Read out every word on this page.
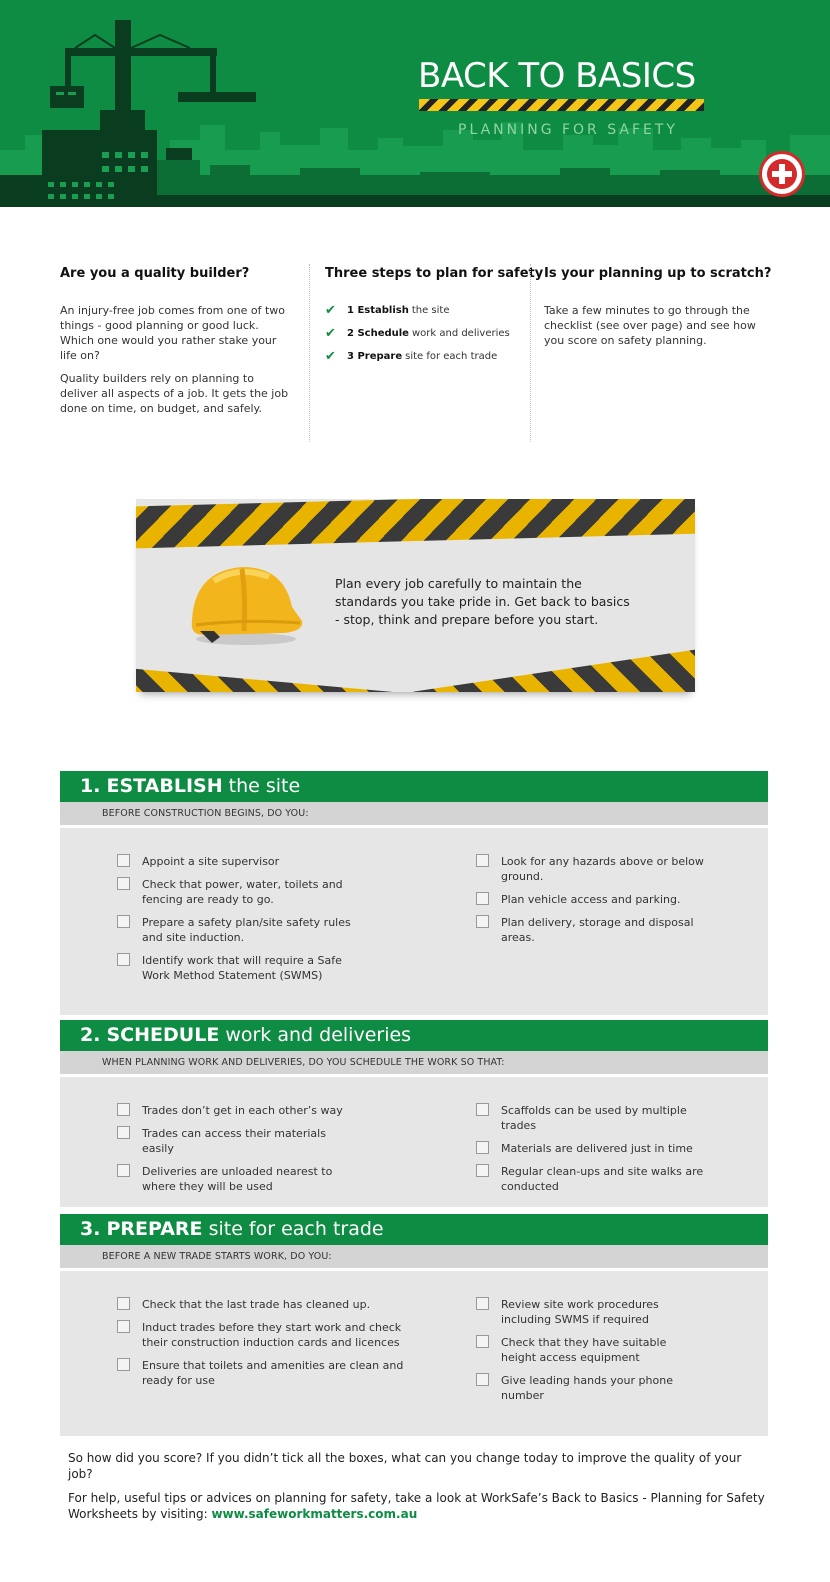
BACK TO BASICS
PLANNING FOR SAFETY
Are you a quality builder?

An injury-free job comes from one of two things - good planning or good luck. Which one would you rather stake your life on?

Quality builders rely on planning to deliver all aspects of a job. It gets the job done on time, on budget, and safely.

Three steps to plan for safety
✔	1 Establish the site
✔	2 Schedule work and deliveries
✔	3 Prepare site for each trade
Is your planning up to scratch?

Take a few minutes to go through the checklist (see over page) and see how you score on safety planning.

Plan every job carefully to maintain the standards you take pride in. Get back to basics - stop, think and prepare before you start.
1. ESTABLISH the site
BEFORE CONSTRUCTION BEGINS, DO YOU:
Appoint a site supervisor
Check that power, water, toilets and fencing are ready to go.
Prepare a safety plan/site safety rules and site induction.
Identify work that will require a Safe Work Method Statement (SWMS)
Look for any hazards above or below ground.
Plan vehicle access and parking.
Plan delivery, storage and disposal areas.
2. SCHEDULE work and deliveries
WHEN PLANNING WORK AND DELIVERIES, DO YOU SCHEDULE THE WORK SO THAT:
Trades don’t get in each other’s way
Trades can access their materials easily
Deliveries are unloaded nearest to where they will be used
Scaffolds can be used by multiple trades
Materials are delivered just in time
Regular clean-ups and site walks are conducted
3. PREPARE site for each trade
BEFORE A NEW TRADE STARTS WORK, DO YOU:
Check that the last trade has cleaned up.
Induct trades before they start work and check their construction induction cards and licences
Ensure that toilets and amenities are clean and ready for use
Review site work procedures including SWMS if required
Check that they have suitable height access equipment
Give leading hands your phone number

So how did you score? If you didn’t tick all the boxes, what can you change today to improve the quality of your job?

For help, useful tips or advices on planning for safety, take a look at WorkSafe’s Back to Basics - Planning for Safety Worksheets by visiting: www.safeworkmatters.com.au
